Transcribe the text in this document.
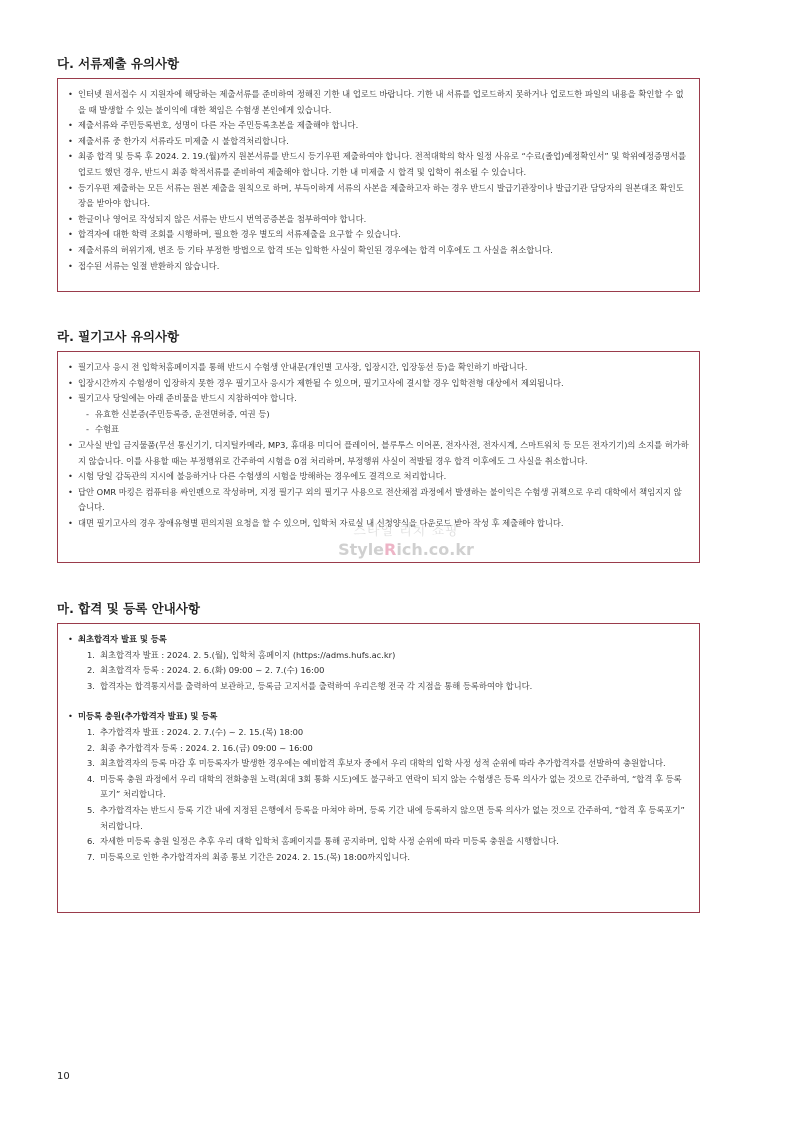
다. 서류제출 유의사항
• 인터넷 원서접수 시 지원자에 해당하는 제출서류를 준비하여 정해진 기한 내 업로드 바랍니다. 기한 내 서류를 업로드하지 못하거나 업로드한 파일의 내용을 확인할 수 없을 때 발생할 수 있는 불이익에 대한 책임은 수험생 본인에게 있습니다.
• 제출서류와 주민등록번호, 성명이 다른 자는 주민등록초본을 제출해야 합니다.
• 제출서류 중 한가지 서류라도 미제출 시 불합격처리합니다.
• 최종 합격 및 등록 후 2024. 2. 19.(월)까지 원본서류를 반드시 등기우편 제출하여야 합니다. 전적대학의 학사 일정 사유로 “수료(졸업)예정확인서” 및 학위예정증명서를 업로드 했던 경우, 반드시 최종 학적서류를 준비하여 제출해야 합니다. 기한 내 미제출 시 합격 및 입학이 취소될 수 있습니다.
• 등기우편 제출하는 모든 서류는 원본 제출을 원칙으로 하며, 부득이하게 서류의 사본을 제출하고자 하는 경우 반드시 발급기관장이나 발급기관 담당자의 원본대조 확인도장을 받아야 합니다.
• 한글이나 영어로 작성되지 않은 서류는 반드시 번역공증본을 첨부하여야 합니다.
• 합격자에 대한 학력 조회를 시행하며, 필요한 경우 별도의 서류제출을 요구할 수 있습니다.
• 제출서류의 허위기재, 변조 등 기타 부정한 방법으로 합격 또는 입학한 사실이 확인된 경우에는 합격 이후에도 그 사실을 취소합니다.
• 접수된 서류는 일절 반환하지 않습니다.
라. 필기고사 유의사항
• 필기고사 응시 전 입학처홈페이지를 통해 반드시 수험생 안내문(개인별 고사장, 입장시간, 입장동선 등)을 확인하기 바랍니다.
• 입장시간까지 수험생이 입장하지 못한 경우 필기고사 응시가 제한될 수 있으며, 필기고사에 결시할 경우 입학전형 대상에서 제외됩니다.
• 필기고사 당일에는 아래 준비물을 반드시 지참하여야 합니다.
- 유효한 신분증(주민등록증, 운전면허증, 여권 등)
- 수험표
• 고사실 반입 금지물품(무선 통신기기, 디지털카메라, MP3, 휴대용 미디어 플레이어, 블루투스 이어폰, 전자사전, 전자시계, 스마트워치 등 모든 전자기기)의 소지를 허가하지 않습니다. 이를 사용할 때는 부정행위로 간주하여 시험을 0점 처리하며, 부정행위 사실이 적발될 경우 합격 이후에도 그 사실을 취소합니다.
• 시험 당일 감독관의 지시에 불응하거나 다른 수험생의 시험을 방해하는 경우에도 결격으로 처리합니다.
• 답안 OMR 마킹은 컴퓨터용 싸인펜으로 작성하며, 지정 필기구 외의 필기구 사용으로 전산채점 과정에서 발생하는 불이익은 수험생 귀책으로 우리 대학에서 책임지지 않습니다.
• 대면 필기고사의 경우 장애유형별 편의지원 요청을 할 수 있으며, 입학처 자료실 내 신청양식을 다운로드 받아 작성 후 제출해야 합니다.
스타일 리치 쇼핑
StyleRich.co.kr
마. 합격 및 등록 안내사항
• 최초합격자 발표 및 등록
1. 최초합격자 발표 : 2024. 2. 5.(월), 입학처 홈페이지 (https://adms.hufs.ac.kr)
2. 최초합격자 등록 : 2024. 2. 6.(화) 09:00 ~ 2. 7.(수) 16:00
3. 합격자는 합격통지서를 출력하여 보관하고, 등록금 고지서를 출력하여 우리은행 전국 각 지점을 통해 등록하여야 합니다.
• 미등록 충원(추가합격자 발표) 및 등록
1. 추가합격자 발표 : 2024. 2. 7.(수) ~ 2. 15.(목) 18:00
2. 최종 추가합격자 등록 : 2024. 2. 16.(금) 09:00 ~ 16:00
3. 최초합격자의 등록 마감 후 미등록자가 발생한 경우에는 예비합격 후보자 중에서 우리 대학의 입학 사정 성적 순위에 따라 추가합격자를 선발하여 충원합니다.
4. 미등록 충원 과정에서 우리 대학의 전화충원 노력(최대 3회 통화 시도)에도 불구하고 연락이 되지 않는 수험생은 등록 의사가 없는 것으로 간주하여, “합격 후 등록포기” 처리합니다.
5. 추가합격자는 반드시 등록 기간 내에 지정된 은행에서 등록을 마쳐야 하며, 등록 기간 내에 등록하지 않으면 등록 의사가 없는 것으로 간주하여, “합격 후 등록포기” 처리합니다.
6. 자세한 미등록 충원 일정은 추후 우리 대학 입학처 홈페이지를 통해 공지하며, 입학 사정 순위에 따라 미등록 충원을 시행합니다.
7. 미등록으로 인한 추가합격자의 최종 통보 기간은 2024. 2. 15.(목) 18:00까지입니다.
10
